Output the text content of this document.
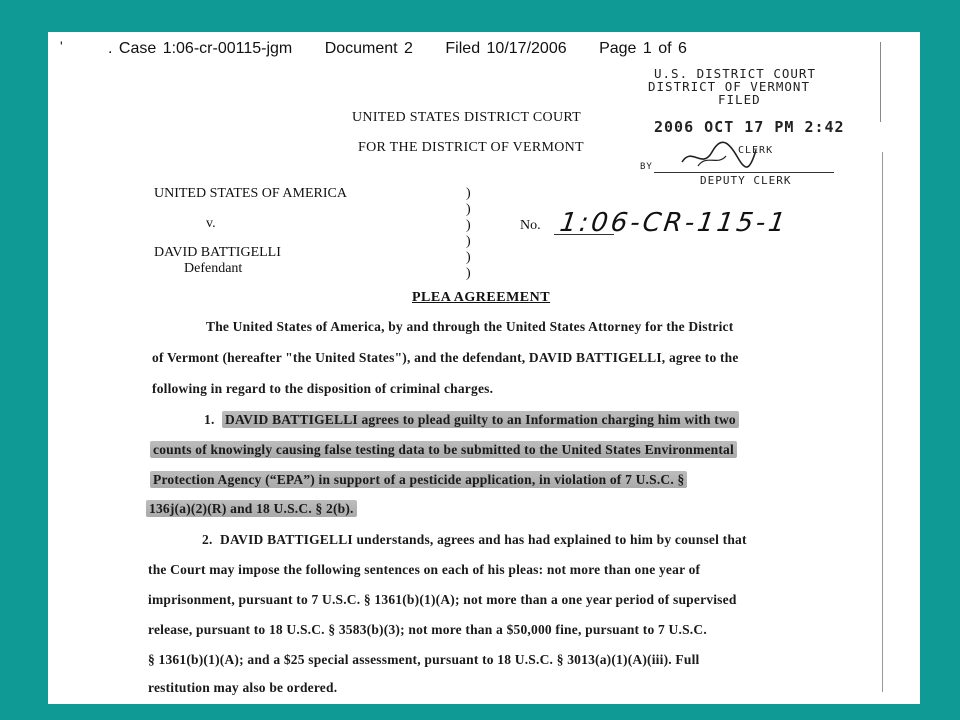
'	. Case 1:06-cr-00115-jgm Document 2 Filed 10/17/2006 Page 1 of 6
U.S. DISTRICT COURT
DISTRICT OF VERMONT
FILED
2006 OCT 17 PM 2:42
CLERK
BY
DEPUTY CLERK
UNITED STATES DISTRICT COURT
FOR THE DISTRICT OF VERMONT
UNITED STATES OF AMERICA
v.
DAVID BATTIGELLI
Defendant
)
)
)
)
)
)
No. 1:06-CR-115-1
PLEA AGREEMENT
The United States of America, by and through the United States Attorney for the District
of Vermont (hereafter "the United States"), and the defendant, DAVID BATTIGELLI, agree to the
following in regard to the disposition of criminal charges.
1. DAVID BATTIGELLI agrees to plead guilty to an Information charging him with two
counts of knowingly causing false testing data to be submitted to the United States Environmental
Protection Agency (“EPA”) in support of a pesticide application, in violation of 7 U.S.C. §
136j(a)(2)(R) and 18 U.S.C. § 2(b).
2. DAVID BATTIGELLI understands, agrees and has had explained to him by counsel that
the Court may impose the following sentences on each of his pleas: not more than one year of
imprisonment, pursuant to 7 U.S.C. § 1361(b)(1)(A); not more than a one year period of supervised
release, pursuant to 18 U.S.C. § 3583(b)(3); not more than a $50,000 fine, pursuant to 7 U.S.C.
§ 1361(b)(1)(A); and a $25 special assessment, pursuant to 18 U.S.C. § 3013(a)(1)(A)(iii). Full
restitution may also be ordered.
